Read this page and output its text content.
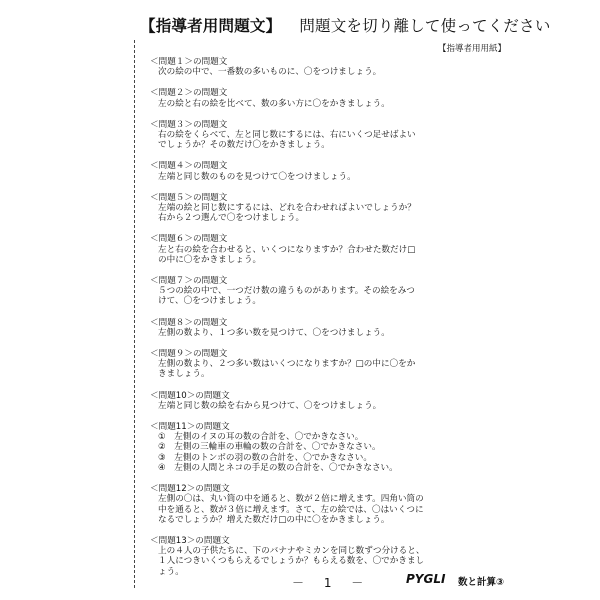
【指導者用問題文】 問題文を切り離して使ってください
【指導者用用紙】
＜問題１＞の問題文
次の絵の中で、一番数の多いものに、〇をつけましょう。
＜問題２＞の問題文
左の絵と右の絵を比べて、数の多い方に〇をかきましょう。
＜問題３＞の問題文
右の絵をくらべて、左と同じ数にするには、右にいくつ足せばよい
でしょうか？その数だけ〇をかきましょう。
＜問題４＞の問題文
左端と同じ数のものを見つけて〇をつけましょう。
＜問題５＞の問題文
左端の絵と同じ数にするには、どれを合わせればよいでしょうか？
右から２つ選んで〇をつけましょう。
＜問題６＞の問題文
左と右の絵を合わせると、いくつになりますか？合わせた数だけ□
の中に〇をかきましょう。
＜問題７＞の問題文
５つの絵の中で、一つだけ数の違うものがあります。その絵をみつ
けて、〇をつけましょう。
＜問題８＞の問題文
左側の数より、１つ多い数を見つけて、〇をつけましょう。
＜問題９＞の問題文
左側の数より、２つ多い数はいくつになりますか？□の中に〇をか
きましょう。
＜問題10＞の問題文
左端と同じ数の絵を右から見つけて、〇をつけましょう。
＜問題11＞の問題文
①　左側のイヌの耳の数の合計を、〇でかきなさい。
②　左側の三輪車の車輪の数の合計を、〇でかきなさい。
③　左側のトンボの羽の数の合計を、〇でかきなさい。
④　左側の人間とネコの手足の数の合計を、〇でかきなさい。
＜問題12＞の問題文
左側の〇は、丸い筒の中を通ると、数が２倍に増えます。四角い筒の
中を通ると、数が３倍に増えます。さて、左の絵では、〇はいくつに
なるでしょうか？増えた数だけ□の中に〇をかきましょう。
＜問題13＞の問題文
上の４人の子供たちに、下のバナナやミカンを同じ数ずつ分けると、
１人につきいくつもらえるでしょうか？もらえる数を、〇でかきまし
ょう。
－ 1 －	PYGLI 数と計算③
